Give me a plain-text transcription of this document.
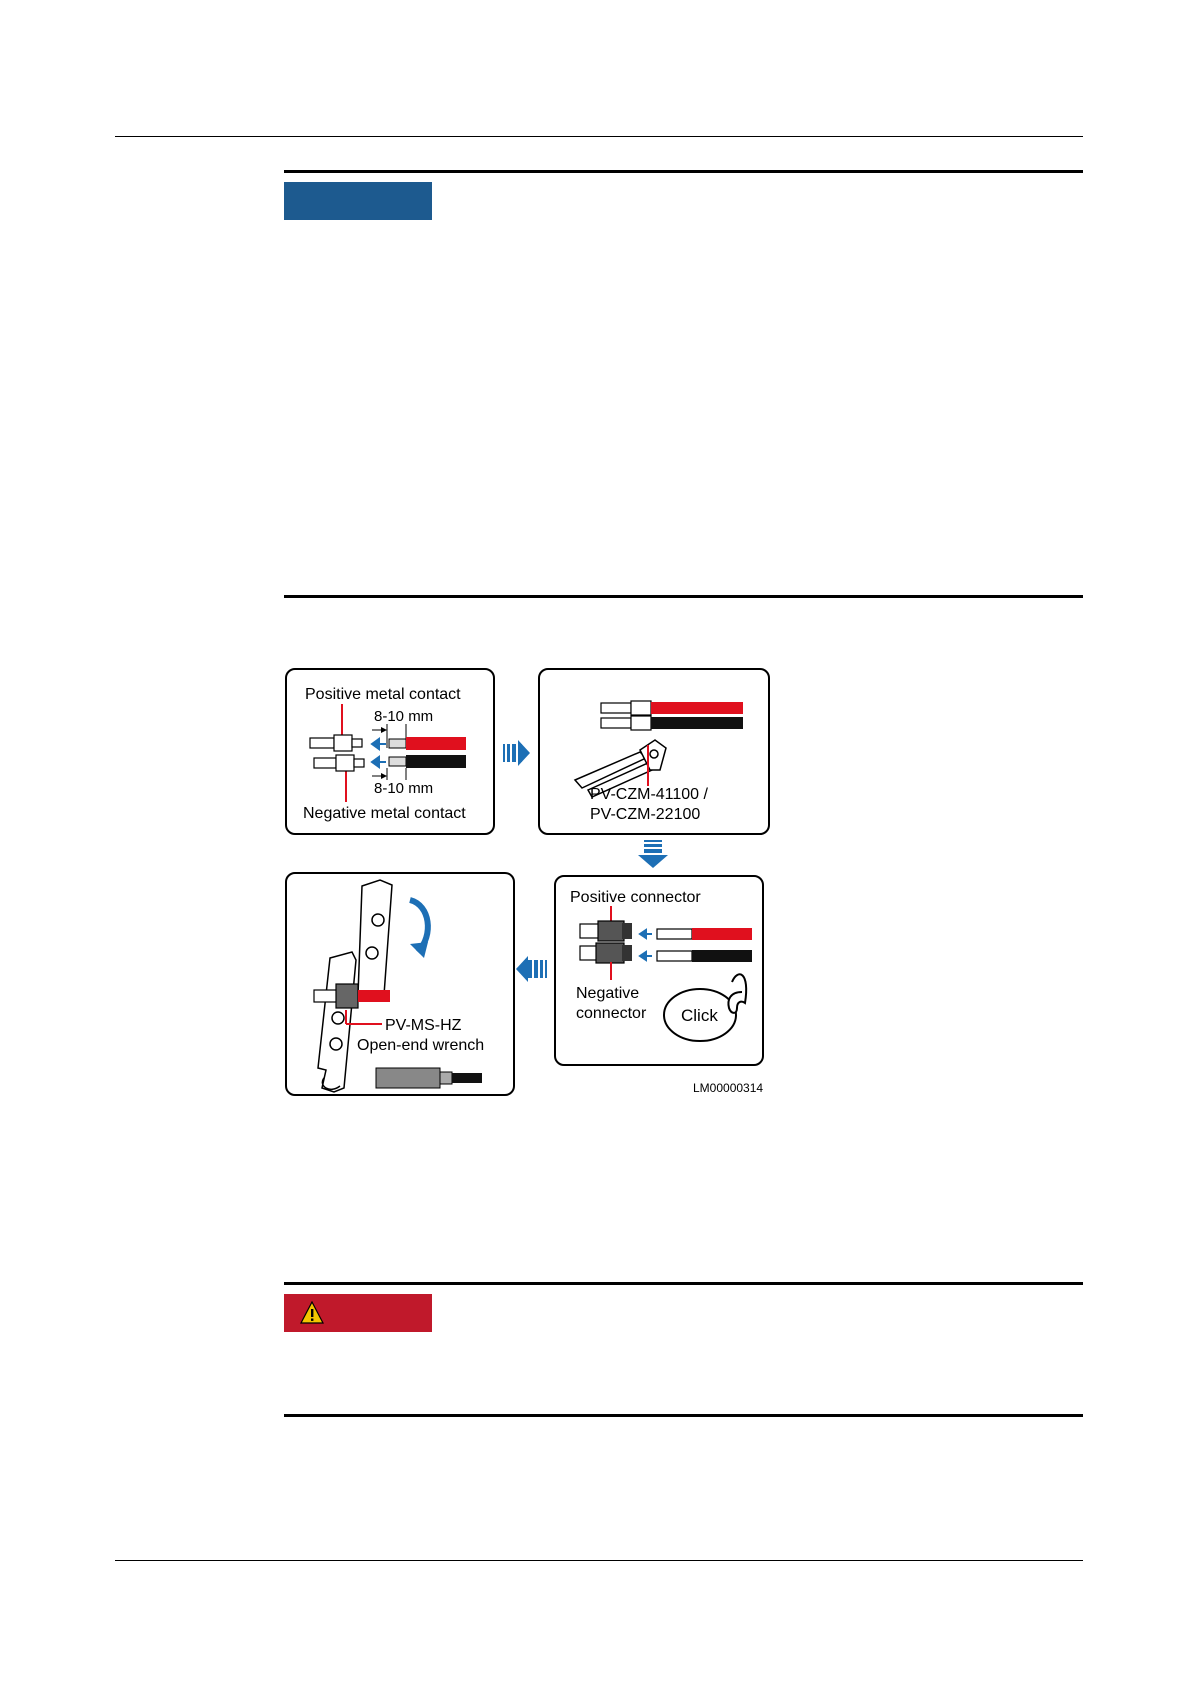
Positive metal contact
8-10 mm
8-10 mm
Negative metal contact
PV-CZM-41100 /
PV-CZM-22100
Positive connector
Negative
connector Click
PV-MS-HZ
Open-end wrench
LM00000314
